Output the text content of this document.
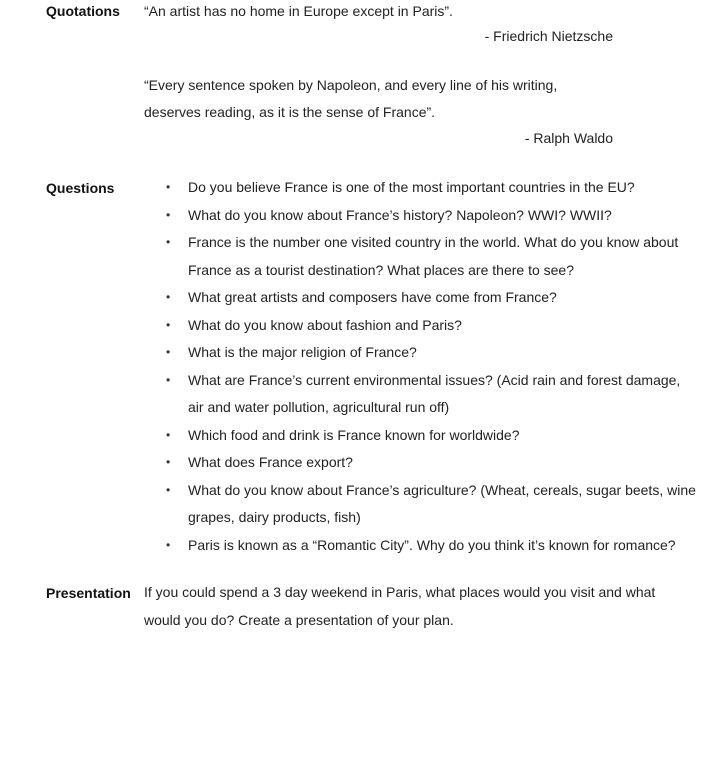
Quotations “An artist has no home in Europe except in Paris”.
- Friedrich Nietzsche
“Every sentence spoken by Napoleon, and every line of his writing,
deserves reading, as it is the sense of France”.
- Ralph Waldo
Questions
•	Do you believe France is one of the most important countries in the EU?
• What do you know about France’s history? Napoleon? WWI? WWII?
• France is the number one visited country in the world. What do you know about France as a tourist destination? What places are there to see?
• What great artists and composers have come from France?
• What do you know about fashion and Paris?
• What is the major religion of France?
• What are France’s current environmental issues? (Acid rain and forest damage, air and water pollution, agricultural run off)
• Which food and drink is France known for worldwide?
• What does France export?
• What do you know about France’s agriculture? (Wheat, cereals, sugar beets, wine grapes, dairy products, fish)
• Paris is known as a “Romantic City”. Why do you think it’s known for romance?
Presentation If you could spend a 3 day weekend in Paris, what places would you visit and what
would you do? Create a presentation of your plan.
